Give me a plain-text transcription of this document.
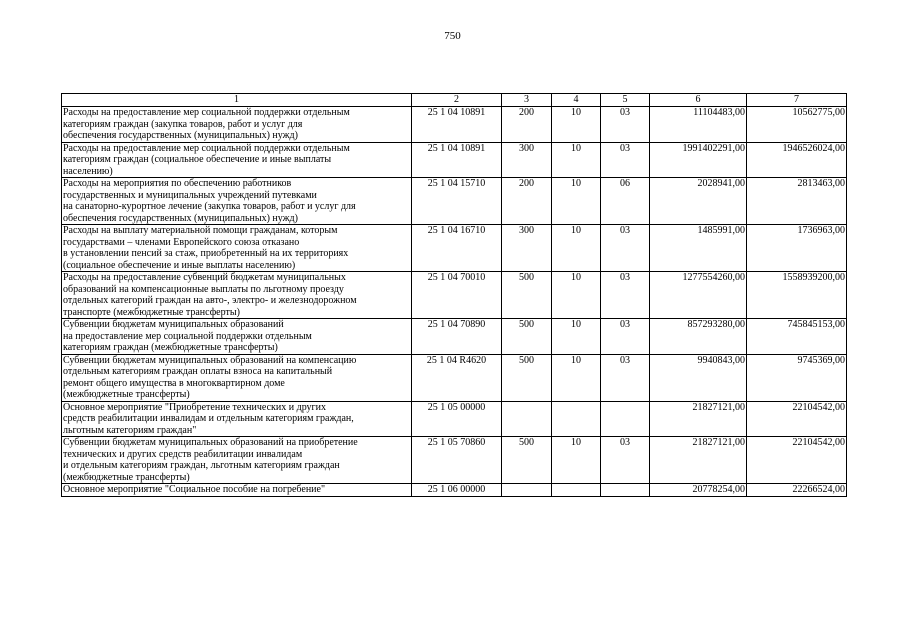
750
1	2	3	4	5	6	7

Расходы на предоставление мер социальной поддержки отдельным
категориям граждан (закупка товаров, работ и услуг для
обеспечения государственных (муниципальных) нужд)	25 1 04 10891	200	10	03	11104483,00	10562775,00

Расходы на предоставление мер социальной поддержки отдельным
категориям граждан (социальное обеспечение и иные выплаты
населению)	25 1 04 10891	300	10	03	1991402291,00	1946526024,00

Расходы на мероприятия по обеспечению работников
государственных и муниципальных учреждений путевками
на санаторно-курортное лечение (закупка товаров, работ и услуг для
обеспечения государственных (муниципальных) нужд)	25 1 04 15710	200	10	06	2028941,00	2813463,00

Расходы на выплату материальной помощи гражданам, которым
государствами – членами Европейского союза отказано
в установлении пенсий за стаж, приобретенный на их территориях
(социальное обеспечение и иные выплаты населению)	25 1 04 16710	300	10	03	1485991,00	1736963,00

Расходы на предоставление субвенций бюджетам муниципальных
образований на компенсационные выплаты по льготному проезду
отдельных категорий граждан на авто-, электро- и железнодорожном
транспорте (межбюджетные трансферты)	25 1 04 70010	500	10	03	1277554260,00	1558939200,00

Субвенции бюджетам муниципальных образований
на предоставление мер социальной поддержки отдельным
категориям граждан (межбюджетные трансферты)	25 1 04 70890	500	10	03	857293280,00	745845153,00

Субвенции бюджетам муниципальных образований на компенсацию
отдельным категориям граждан оплаты взноса на капитальный
ремонт общего имущества в многоквартирном доме
(межбюджетные трансферты)	25 1 04 R4620	500	10	03	9940843,00	9745369,00

Основное мероприятие "Приобретение технических и других
средств реабилитации инвалидам и отдельным категориям граждан,
льготным категориям граждан"	25 1 05 00000				21827121,00	22104542,00

Субвенции бюджетам муниципальных образований на приобретение
технических и других средств реабилитации инвалидам
и отдельным категориям граждан, льготным категориям граждан
(межбюджетные трансферты)	25 1 05 70860	500	10	03	21827121,00	22104542,00

Основное мероприятие "Социальное пособие на погребение"	25 1 06 00000				20778254,00	22266524,00
